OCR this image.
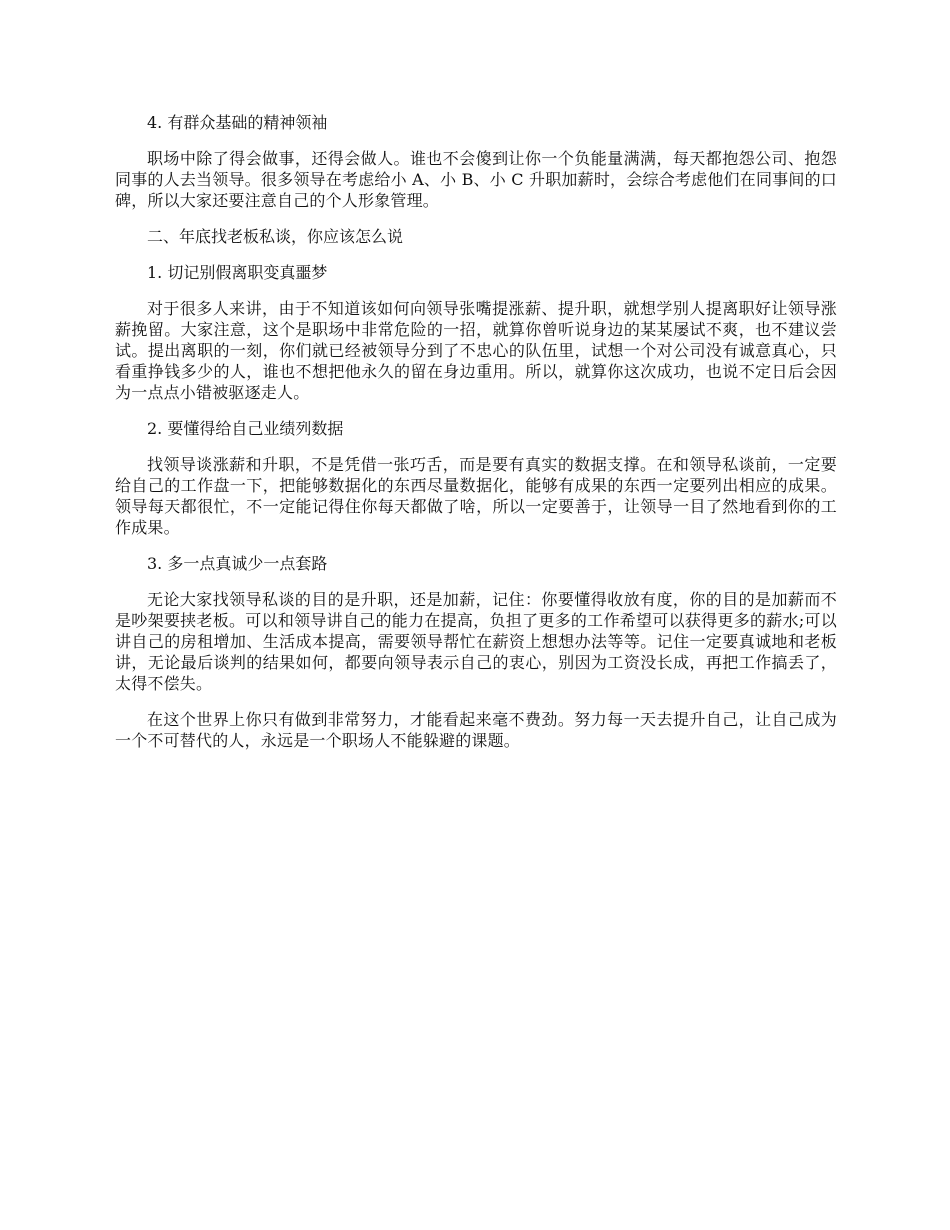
4. 有群众基础的精神领袖

职场中除了得会做事，还得会做人。谁也不会傻到让你一个负能量满满，每天都抱怨公司、抱怨同事的人去当领导。很多领导在考虑给小 A、小 B、小 C 升职加薪时，会综合考虑他们在同事间的口碑，所以大家还要注意自己的个人形象管理。

二、年底找老板私谈，你应该怎么说

1. 切记别假离职变真噩梦

对于很多人来讲，由于不知道该如何向领导张嘴提涨薪、提升职，就想学别人提离职好让领导涨薪挽留。大家注意，这个是职场中非常危险的一招，就算你曾听说身边的某某屡试不爽，也不建议尝试。提出离职的一刻，你们就已经被领导分到了不忠心的队伍里，试想一个对公司没有诚意真心，只看重挣钱多少的人，谁也不想把他永久的留在身边重用。所以，就算你这次成功，也说不定日后会因为一点点小错被驱逐走人。

2. 要懂得给自己业绩列数据

找领导谈涨薪和升职，不是凭借一张巧舌，而是要有真实的数据支撑。在和领导私谈前，一定要给自己的工作盘一下，把能够数据化的东西尽量数据化，能够有成果的东西一定要列出相应的成果。领导每天都很忙，不一定能记得住你每天都做了啥，所以一定要善于，让领导一目了然地看到你的工作成果。

3. 多一点真诚少一点套路

无论大家找领导私谈的目的是升职，还是加薪，记住：你要懂得收放有度，你的目的是加薪而不是吵架要挟老板。可以和领导讲自己的能力在提高，负担了更多的工作希望可以获得更多的薪水;可以讲自己的房租增加、生活成本提高，需要领导帮忙在薪资上想想办法等等。记住一定要真诚地和老板讲，无论最后谈判的结果如何，都要向领导表示自己的衷心，别因为工资没长成，再把工作搞丢了，太得不偿失。

在这个世界上你只有做到非常努力，才能看起来毫不费劲。努力每一天去提升自己，让自己成为一个不可替代的人，永远是一个职场人不能躲避的课题。
